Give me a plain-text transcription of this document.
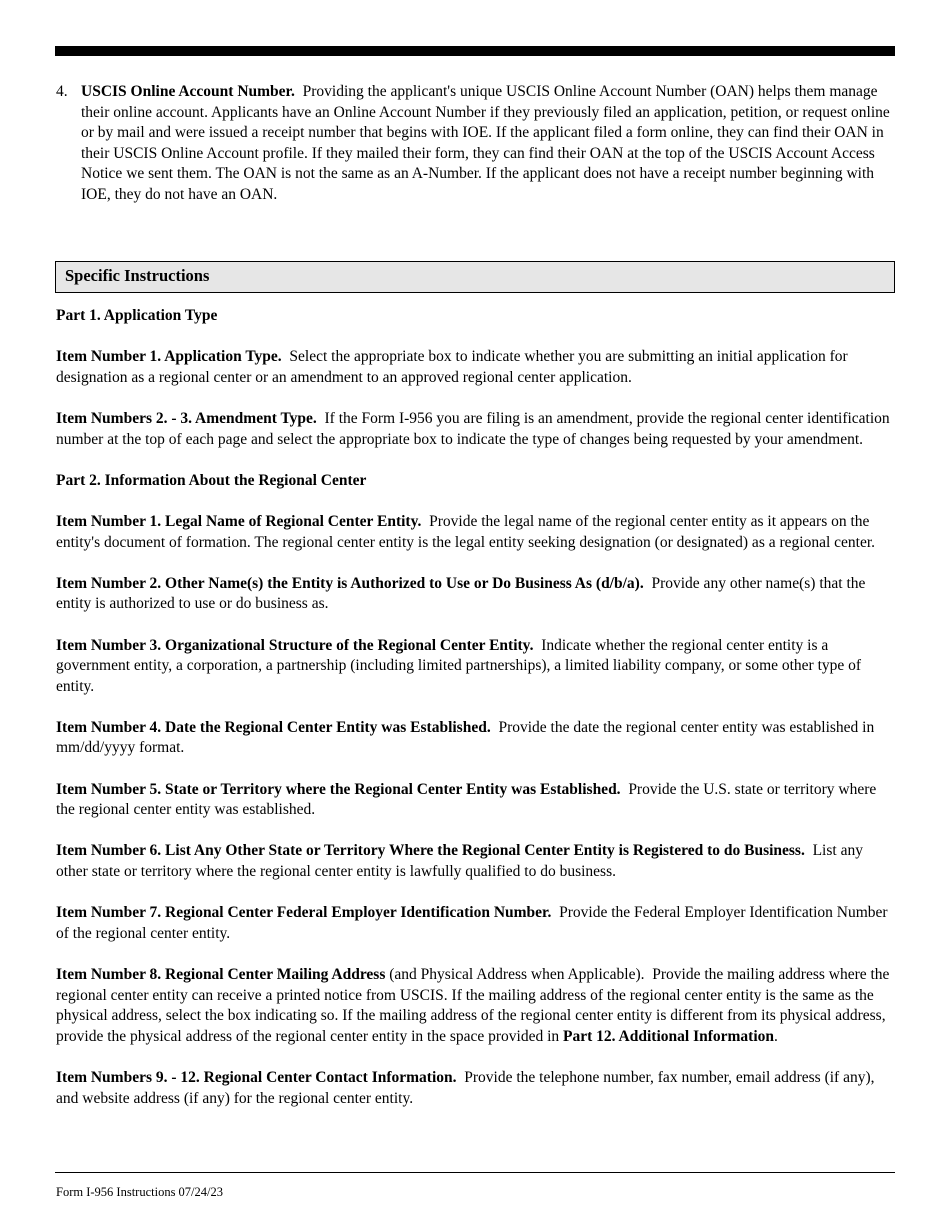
4. USCIS Online Account Number. Providing the applicant's unique USCIS Online Account Number (OAN) helps them manage their online account. Applicants have an Online Account Number if they previously filed an application, petition, or request online or by mail and were issued a receipt number that begins with IOE. If the applicant filed a form online, they can find their OAN in their USCIS Online Account profile. If they mailed their form, they can find their OAN at the top of the USCIS Account Access Notice we sent them. The OAN is not the same as an A-Number. If the applicant does not have a receipt number beginning with IOE, they do not have an OAN.

Specific Instructions

Part 1. Application Type

Item Number 1. Application Type. Select the appropriate box to indicate whether you are submitting an initial application for designation as a regional center or an amendment to an approved regional center application.

Item Numbers 2. - 3. Amendment Type. If the Form I-956 you are filing is an amendment, provide the regional center identification number at the top of each page and select the appropriate box to indicate the type of changes being requested by your amendment.

Part 2. Information About the Regional Center

Item Number 1. Legal Name of Regional Center Entity. Provide the legal name of the regional center entity as it appears on the entity's document of formation. The regional center entity is the legal entity seeking designation (or designated) as a regional center.

Item Number 2. Other Name(s) the Entity is Authorized to Use or Do Business As (d/b/a). Provide any other name(s) that the entity is authorized to use or do business as.

Item Number 3. Organizational Structure of the Regional Center Entity. Indicate whether the regional center entity is a government entity, a corporation, a partnership (including limited partnerships), a limited liability company, or some other type of entity.

Item Number 4. Date the Regional Center Entity was Established. Provide the date the regional center entity was established in mm/dd/yyyy format.

Item Number 5. State or Territory where the Regional Center Entity was Established. Provide the U.S. state or territory where the regional center entity was established.

Item Number 6. List Any Other State or Territory Where the Regional Center Entity is Registered to do Business. List any other state or territory where the regional center entity is lawfully qualified to do business.

Item Number 7. Regional Center Federal Employer Identification Number. Provide the Federal Employer Identification Number of the regional center entity.

Item Number 8. Regional Center Mailing Address (and Physical Address when Applicable). Provide the mailing address where the regional center entity can receive a printed notice from USCIS. If the mailing address of the regional center entity is the same as the physical address, select the box indicating so. If the mailing address of the regional center entity is different from its physical address, provide the physical address of the regional center entity in the space provided in Part 12. Additional Information.

Item Numbers 9. - 12. Regional Center Contact Information. Provide the telephone number, fax number, email address (if any), and website address (if any) for the regional center entity.

Form I-956 Instructions 07/24/23
